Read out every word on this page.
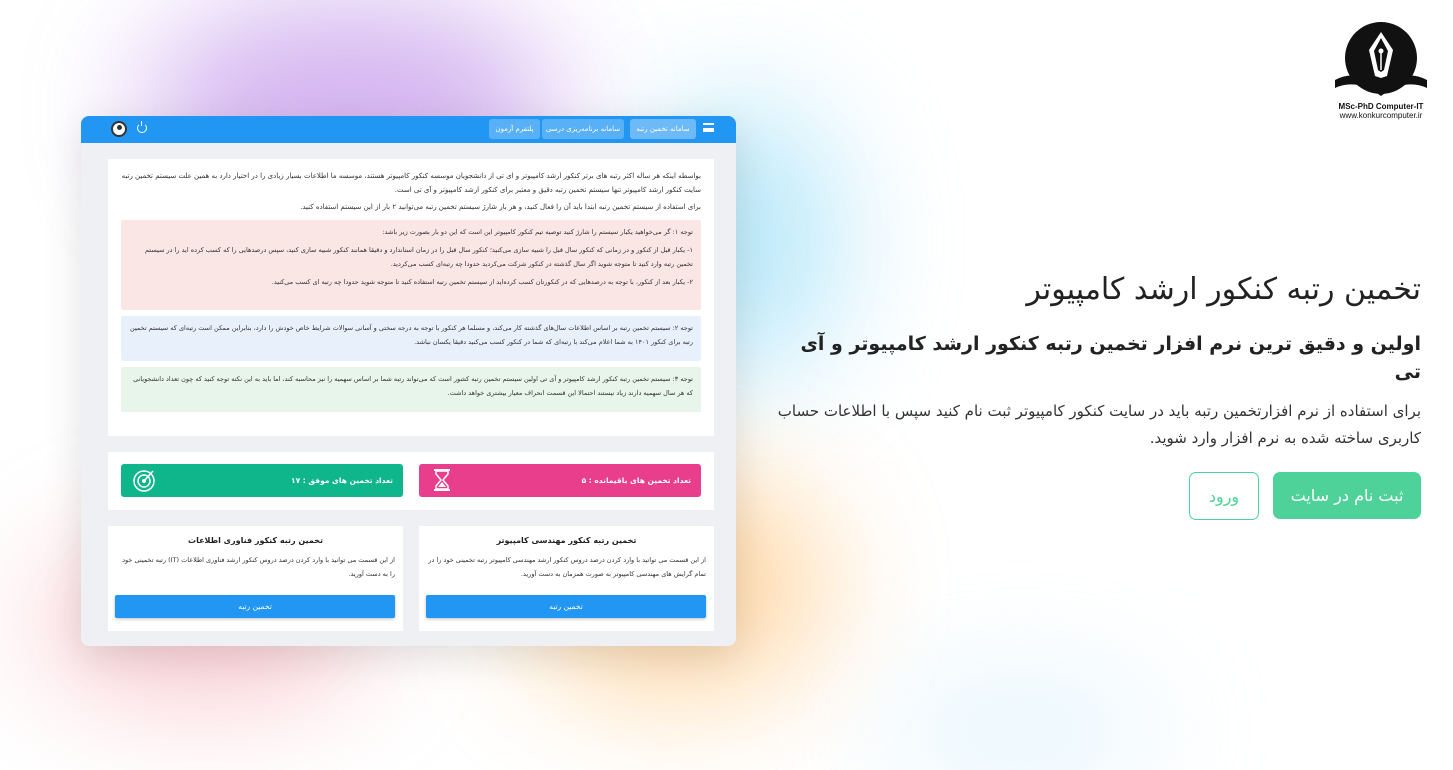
MSc-PhD Computer-IT
www.konkurcomputer.ir
تخمین رتبه کنکور ارشد کامپیوتر
اولین و دقیق ترین نرم افزار تخمین رتبه کنکور ارشد کامپیوتر و آی تی

برای استفاده از نرم افزارتخمین رتبه باید در سایت کنکور کامپیوتر ثبت نام کنید سپس با اطلاعات حساب کاربری ساخته شده به نرم افزار وارد شوید.

ثبت نام در سایت
ورود
سامانه تخمین رتبه
سامانه برنامه‌ریزی درسی
پلتفرم آزمون

بواسطه اینکه هر ساله اکثر رتبه های برتر کنکور ارشد کامپیوتر و ای تی از دانشجویان موسسه کنکور کامپیوتر هستند، موسسه ما اطلاعات بسیار زیادی را در اختیار دارد به همین علت سیستم تخمین رتبه سایت کنکور ارشد کامپیوتر تنها سیستم تخمین رتبه دقیق و معتبر برای کنکور ارشد کامپیوتر و آی تی است.

برای استفاده از سیستم تخمین رتبه ابتدا باید آن را فعال کنید، و هر بار شارژ سیستم تخمین رتبه می‌توانید ۲ بار از این سیستم استفاده کنید.

توجه ۱: گر می‌خواهید یکبار سیستم را شارژ کنید توصیه تیم کنکور کامپیوتر این است که این دو بار بصورت زیر باشد:

۱- یکبار قبل از کنکور و در زمانی که کنکور سال قبل را شبیه سازی می‌کنید؛ کنکور سال قبل را در زمان استاندارد و دقیقا همانند کنکور شبیه سازی کنید، سپس درصدهایی را که کسب کرده اید را در سیستم تخمین رتبه وارد کنید تا متوجه شوید اگر سال گذشته در کنکور شرکت می‌کردید حدودا چه رتبه‌ای کسب می‌کردید.

۲- یکبار بعد از کنکور، با توجه به درصدهایی که در کنکورتان کسب کرده‌اید از سیستم تخمین رتبه استفاده کنید تا متوجه شوید حدودا چه رتبه ای کسب می‌کنید.

توجه ۲: سیستم تخمین رتبه بر اساس اطلاعات سال‌های گذشته کار می‌کند، و مسلما هر کنکور با توجه به درجه سختی و آسانی سوالات شرایط خاص خودش را دارد، بنابراین ممکن است رتبه‌ای که سیستم تخمین رتبه برای کنکور ۱۴۰۱ به شما اعلام می‌کند با رتبه‌ای که شما در کنکور کسب می‌کنید دقیقا یکسان نباشد.

توجه ۳: سیستم تخمین رتبه کنکور ارشد کامپیوتر و آی تی اولین سیستم تخمین رتبه کشور است که می‌تواند رتبه شما بر اساس سهمیه را نیز محاسبه کند، اما باید به این نکته توجه کنید که چون تعداد دانشجویانی که هر سال سهمیه دارند زیاد نیستند احتمالا این قسمت انحراف معیار بیشتری خواهد داشت.

تعداد تخمین های باقیمانده : ۵
تعداد تخمین های موفق : ۱۷

تخمین رتبه کنکور مهندسی کامپیوتر

از این قسمت می توانید با وارد کردن درصد دروس کنکور ارشد مهندسی کامپیوتر رتبه تخمینی خود را در تمام گرایش های مهندسی کامپیوتر به صورت همزمان به دست آورید.

تخمین رتبه

تخمین رتبه کنکور فناوری اطلاعات

از این قسمت می توانید با وارد کردن درصد دروس کنکور ارشد فناوری اطلاعات (IT) رتبه تخمینی خود را به دست آورید.

تخمین رتبه
